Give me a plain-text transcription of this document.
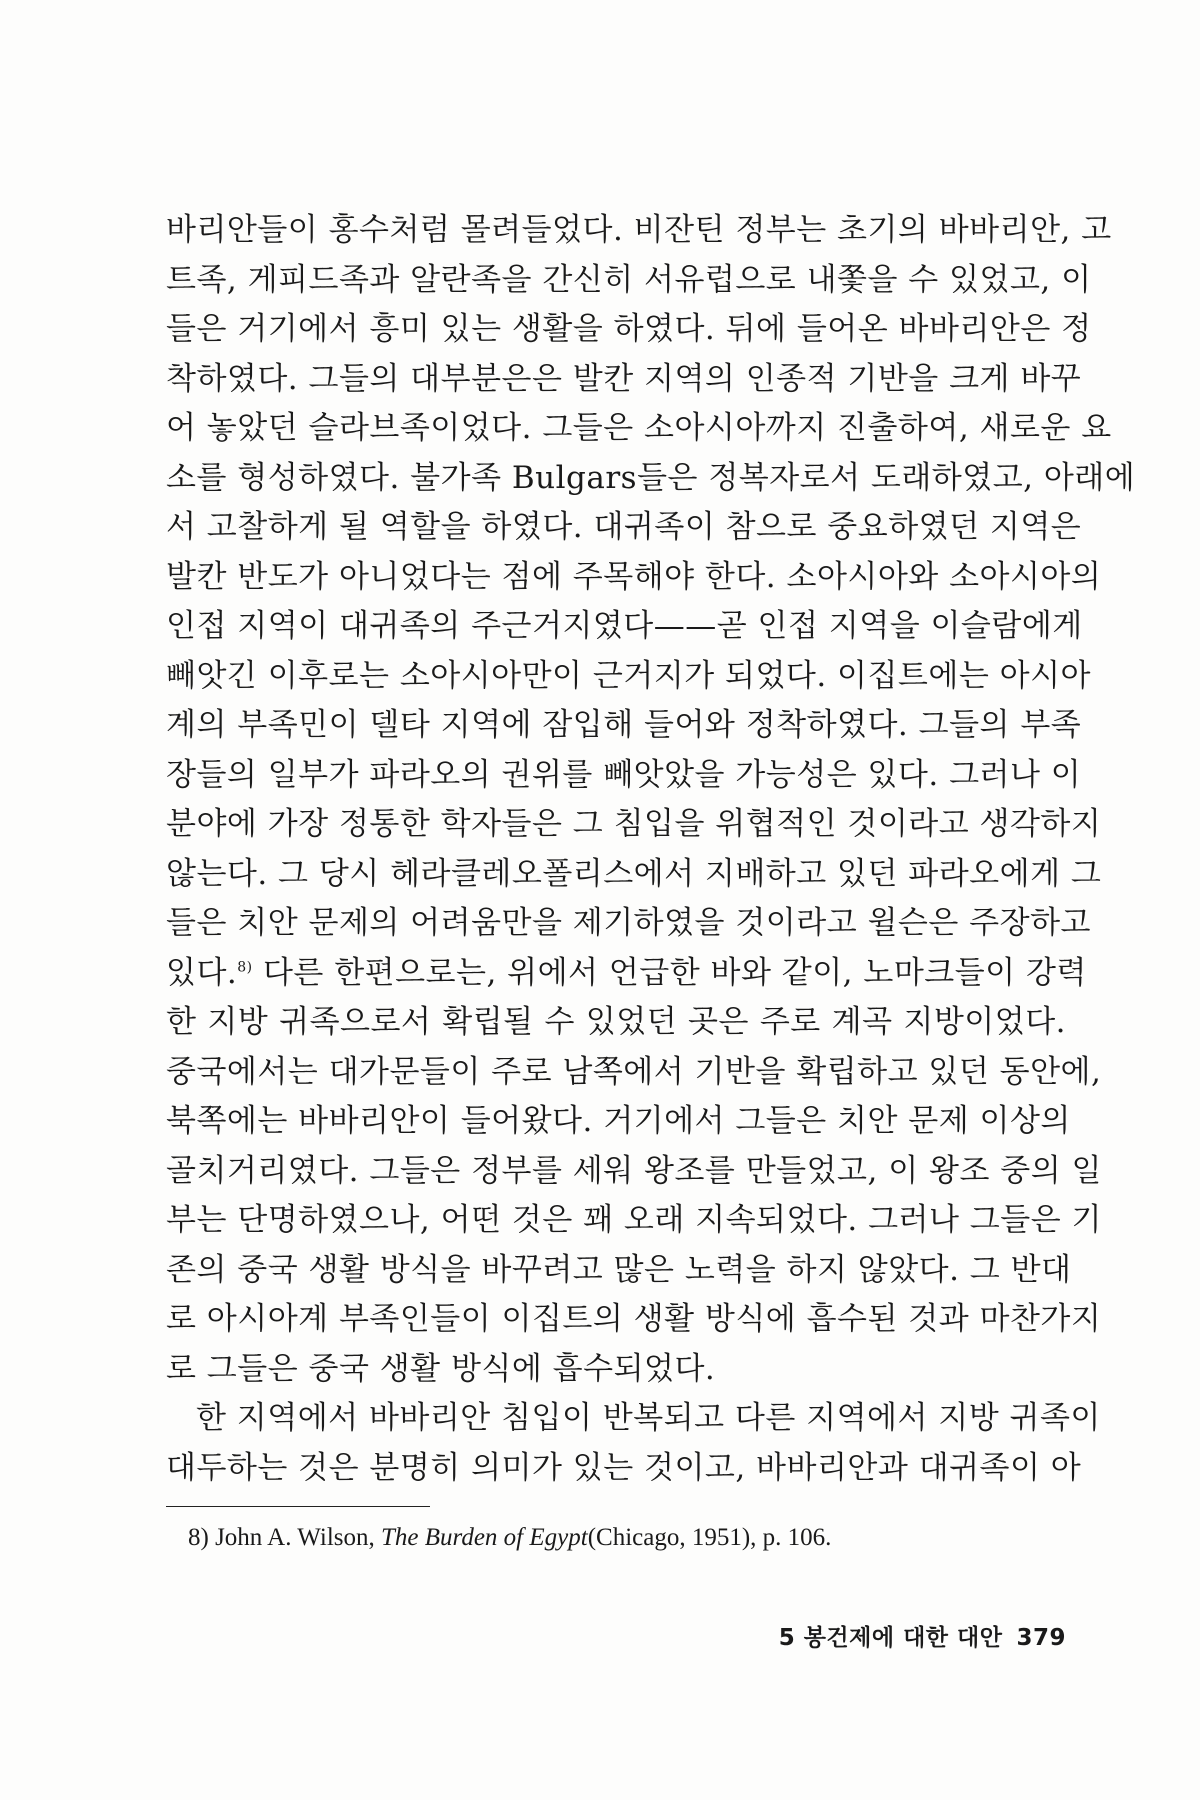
바리안들이 홍수처럼 몰려들었다. 비잔틴 정부는 초기의 바바리안, 고
트족, 게피드족과 알란족을 간신히 서유럽으로 내쫓을 수 있었고, 이
들은 거기에서 흥미 있는 생활을 하였다. 뒤에 들어온 바바리안은 정
착하였다. 그들의 대부분은은 발칸 지역의 인종적 기반을 크게 바꾸
어 놓았던 슬라브족이었다. 그들은 소아시아까지 진출하여, 새로운 요
소를 형성하였다. 불가족 Bulgars들은 정복자로서 도래하였고, 아래에
서 고찰하게 될 역할을 하였다. 대귀족이 참으로 중요하였던 지역은
발칸 반도가 아니었다는 점에 주목해야 한다. 소아시아와 소아시아의
인접 지역이 대귀족의 주근거지였다——곧 인접 지역을 이슬람에게
빼앗긴 이후로는 소아시아만이 근거지가 되었다. 이집트에는 아시아
계의 부족민이 델타 지역에 잠입해 들어와 정착하였다. 그들의 부족
장들의 일부가 파라오의 권위를 빼앗았을 가능성은 있다. 그러나 이
분야에 가장 정통한 학자들은 그 침입을 위협적인 것이라고 생각하지
않는다. 그 당시 헤라클레오폴리스에서 지배하고 있던 파라오에게 그
들은 치안 문제의 어려움만을 제기하였을 것이라고 윌슨은 주장하고
있다.$^{8)}$ 다른 한편으로는, 위에서 언급한 바와 같이, 노마크들이 강력
한 지방 귀족으로서 확립될 수 있었던 곳은 주로 계곡 지방이었다.
중국에서는 대가문들이 주로 남쪽에서 기반을 확립하고 있던 동안에,
북쪽에는 바바리안이 들어왔다. 거기에서 그들은 치안 문제 이상의
골치거리였다. 그들은 정부를 세워 왕조를 만들었고, 이 왕조 중의 일
부는 단명하였으나, 어떤 것은 꽤 오래 지속되었다. 그러나 그들은 기
존의 중국 생활 방식을 바꾸려고 많은 노력을 하지 않았다. 그 반대
로 아시아계 부족인들이 이집트의 생활 방식에 흡수된 것과 마찬가지
로 그들은 중국 생활 방식에 흡수되었다.
한 지역에서 바바리안 침입이 반복되고 다른 지역에서 지방 귀족이
대두하는 것은 분명히 의미가 있는 것이고, 바바리안과 대귀족이 아
8) John A. Wilson, The Burden of Egypt(Chicago, 1951), p. 106.
5 봉건제에 대한 대안 379
